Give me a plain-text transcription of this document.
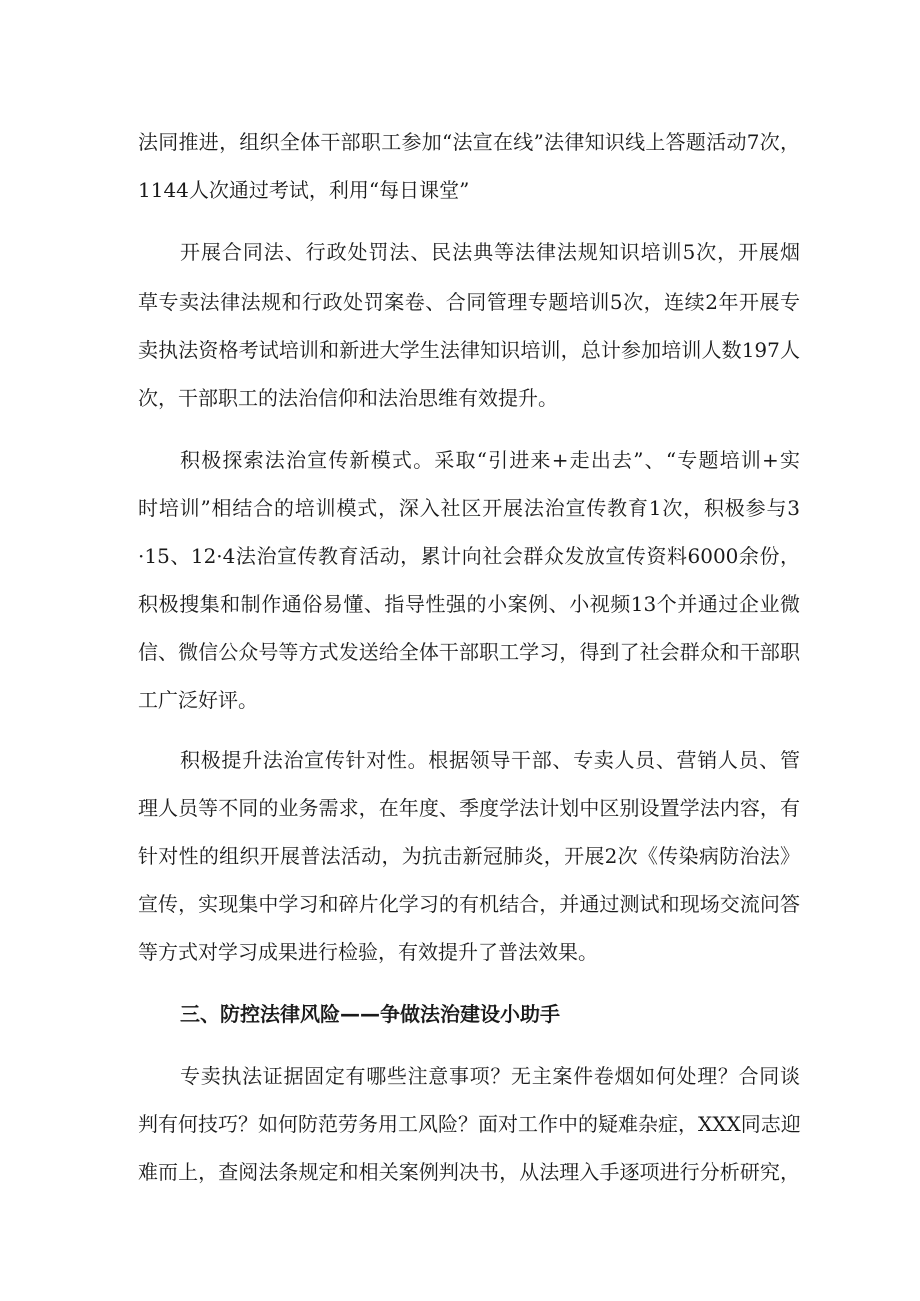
法同推进，组织全体干部职工参加“法宣在线”法律知识线上答题活动7次，
1144人次通过考试，利用“每日课堂”
开展合同法、行政处罚法、民法典等法律法规知识培训5次，开展烟
草专卖法律法规和行政处罚案卷、合同管理专题培训5次，连续2年开展专
卖执法资格考试培训和新进大学生法律知识培训，总计参加培训人数197人
次，干部职工的法治信仰和法治思维有效提升。
积极探索法治宣传新模式。采取“引进来+走出去”、“专题培训+实
时培训”相结合的培训模式，深入社区开展法治宣传教育1次，积极参与3
·15、12·4法治宣传教育活动，累计向社会群众发放宣传资料6000余份，
积极搜集和制作通俗易懂、指导性强的小案例、小视频13个并通过企业微
信、微信公众号等方式发送给全体干部职工学习，得到了社会群众和干部职
工广泛好评。
积极提升法治宣传针对性。根据领导干部、专卖人员、营销人员、管
理人员等不同的业务需求，在年度、季度学法计划中区别设置学法内容，有
针对性的组织开展普法活动，为抗击新冠肺炎，开展2次《传染病防治法》
宣传，实现集中学习和碎片化学习的有机结合，并通过测试和现场交流问答
等方式对学习成果进行检验，有效提升了普法效果。
三、防控法律风险——争做法治建设小助手
专卖执法证据固定有哪些注意事项？无主案件卷烟如何处理？合同谈
判有何技巧？如何防范劳务用工风险？面对工作中的疑难杂症，XXX同志迎
难而上，查阅法条规定和相关案例判决书，从法理入手逐项进行分析研究，
